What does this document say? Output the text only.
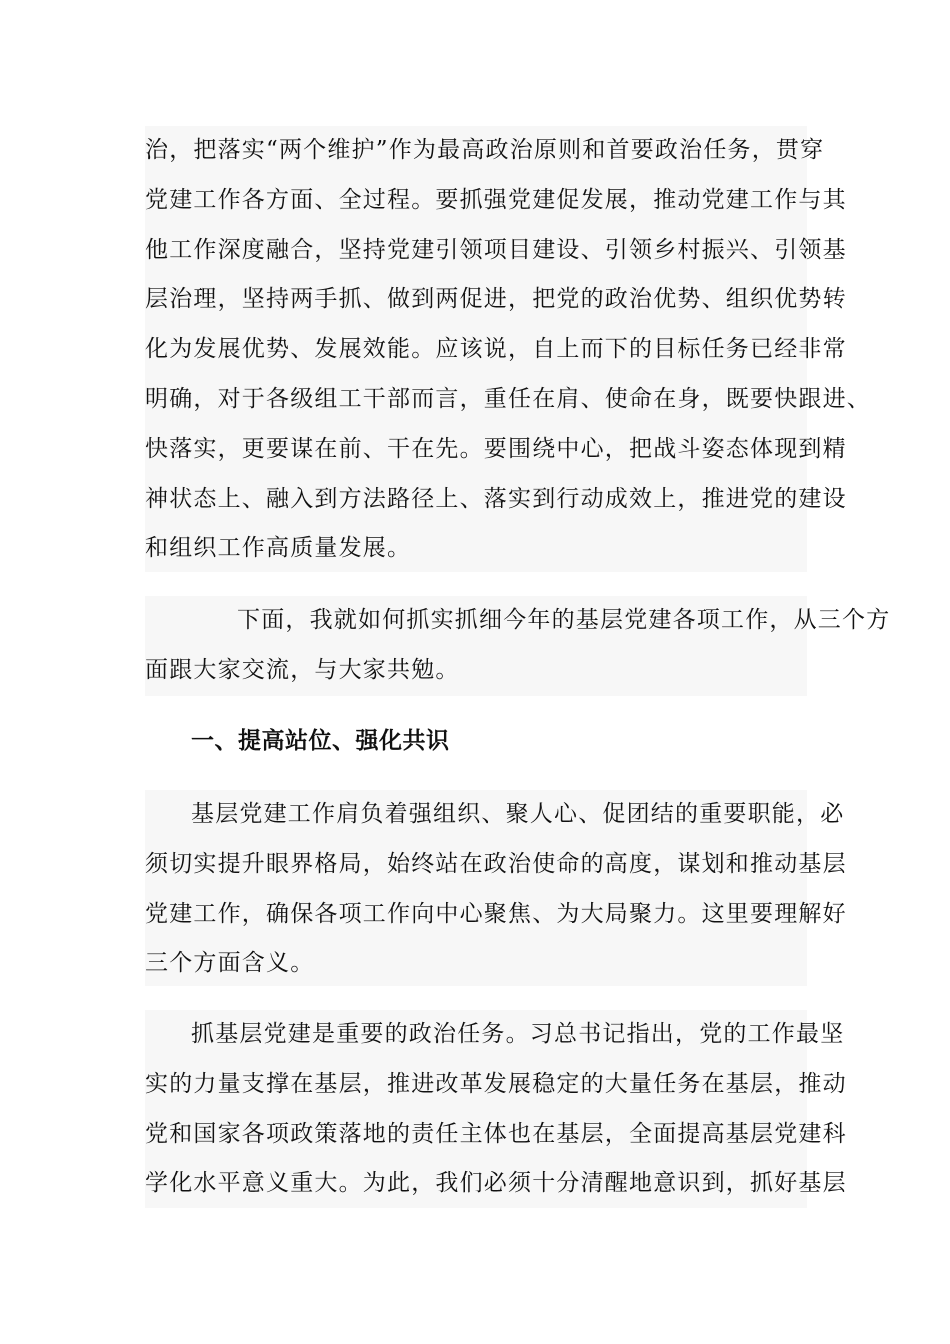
治，把落实“两个维护”作为最高政治原则和首要政治任务，贯穿
党建工作各方面、全过程。要抓强党建促发展，推动党建工作与其
他工作深度融合，坚持党建引领项目建设、引领乡村振兴、引领基
层治理，坚持两手抓、做到两促进，把党的政治优势、组织优势转
化为发展优势、发展效能。应该说，自上而下的目标任务已经非常
明确，对于各级组工干部而言，重任在肩、使命在身，既要快跟进、
快落实，更要谋在前、干在先。要围绕中心，把战斗姿态体现到精
神状态上、融入到方法路径上、落实到行动成效上，推进党的建设
和组织工作高质量发展。
下面，我就如何抓实抓细今年的基层党建各项工作，从三个方
面跟大家交流，与大家共勉。

一、提高站位、强化共识

基层党建工作肩负着强组织、聚人心、促团结的重要职能，必
须切实提升眼界格局，始终站在政治使命的高度，谋划和推动基层
党建工作，确保各项工作向中心聚焦、为大局聚力。这里要理解好
三个方面含义。
抓基层党建是重要的政治任务。习总书记指出，党的工作最坚
实的力量支撑在基层，推进改革发展稳定的大量任务在基层，推动
党和国家各项政策落地的责任主体也在基层，全面提高基层党建科
学化水平意义重大。为此，我们必须十分清醒地意识到，抓好基层
